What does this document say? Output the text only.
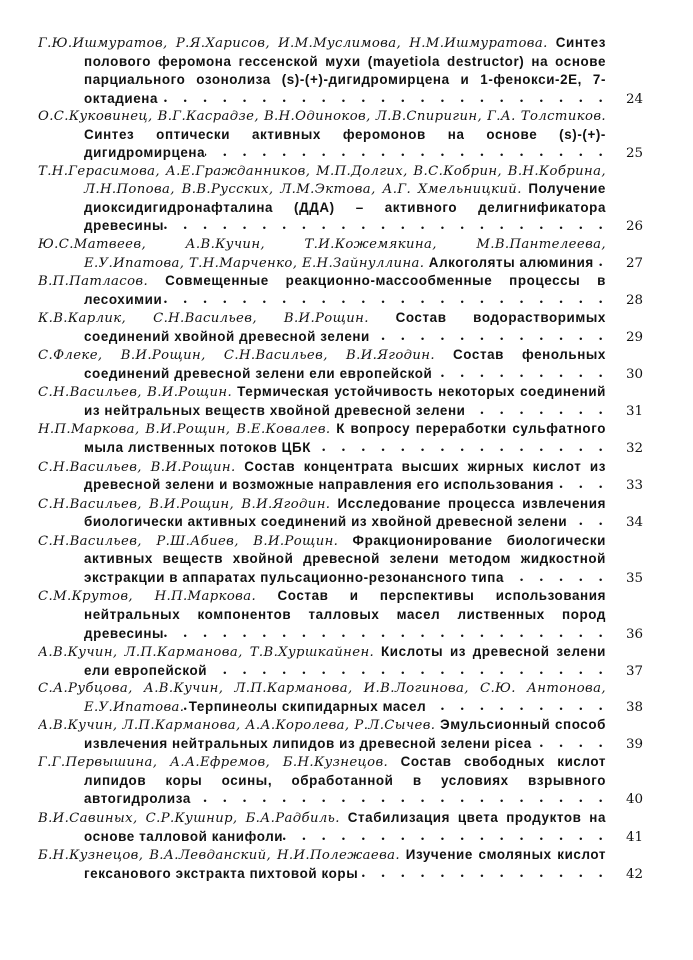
Г.Ю.Ишмуратов, Р.Я.Харисов, И.М.Муслимова, Н.М.Ишмуратова. Синтез полового феромона гессенской мухи (mayetiola destructor) на основе парциального озонолиза (s)-(+)-дигидромирцена и 1-фенокси-2Е, 7-октадиена	24
О.С.Куковинец, В.Г.Касрадзе, В.Н.Одиноков, Л.В.Спиригин, Г.А. Толстиков. Синтез оптически активных феромонов на основе (s)-(+)-дигидромирцена	25
Т.Н.Герасимова, А.Е.Гражданников, М.П.Долгих, В.С.Кобрин, В.Н.Кобрина, Л.Н.Попова, В.В.Русских, Л.М.Эктова, А.Г. Хмельницкий. Получение диоксидигидронафталина (ДДА) – активного делигнификатора древесины	26
Ю.С.Матвеев, А.В.Кучин, Т.И.Кожемякина, М.В.Пантелеева, Е.У.Ипатова, Т.Н.Марченко, Е.Н.Зайнуллина. Алкоголяты алюминия	27
В.П.Патласов. Совмещенные реакционно-массообменные процессы в лесохимии	28
К.В.Карлик, С.Н.Васильев, В.И.Рощин. Состав водорастворимых соединений хвойной древесной зелени	29
С.Флеке, В.И.Рощин, С.Н.Васильев, В.И.Ягодин. Состав фенольных соединений древесной зелени ели европейской	30
С.Н.Васильев, В.И.Рощин. Термическая устойчивость некоторых соединений из нейтральных веществ хвойной древесной зелени	31
Н.П.Маркова, В.И.Рощин, В.Е.Ковалев. К вопросу переработки сульфатного мыла лиственных потоков ЦБК	32
С.Н.Васильев, В.И.Рощин. Состав концентрата высших жирных кислот из древесной зелени и возможные направления его использования	33
С.Н.Васильев, В.И.Рощин, В.И.Ягодин. Исследование процесса извлечения биологически активных соединений из хвойной древесной зелени	34
С.Н.Васильев, Р.Ш.Абиев, В.И.Рощин. Фракционирование биологически активных веществ хвойной древесной зелени методом жидкостной экстракции в аппаратах пульсационно-резонансного типа	35
С.М.Крутов, Н.П.Маркова. Состав и перспективы использования нейтральных компонентов талловых масел лиственных пород древесины	36
А.В.Кучин, Л.П.Карманова, Т.В.Хуршкайнен. Кислоты из древесной зелени ели европейской	37
С.А.Рубцова, А.В.Кучин, Л.П.Карманова, И.В.Логинова, С.Ю. Антонова, Е.У.Ипатова. Терпинеолы скипидарных масел	38
А.В.Кучин, Л.П.Карманова, А.А.Королева, Р.Л.Сычев. Эмульсионный способ извлечения нейтральных липидов из древесной зелени picea	39
Г.Г.Первышина, А.А.Ефремов, Б.Н.Кузнецов. Состав свободных кислот липидов коры осины, обработанной в условиях взрывного автогидролиза	40
В.И.Савиных, С.Р.Кушнир, Б.А.Радбиль. Стабилизация цвета продуктов на основе талловой канифоли	41
Б.Н.Кузнецов, В.А.Левданский, Н.И.Полежаева. Изучение смоляных кислот гексанового экстракта пихтовой коры	42
